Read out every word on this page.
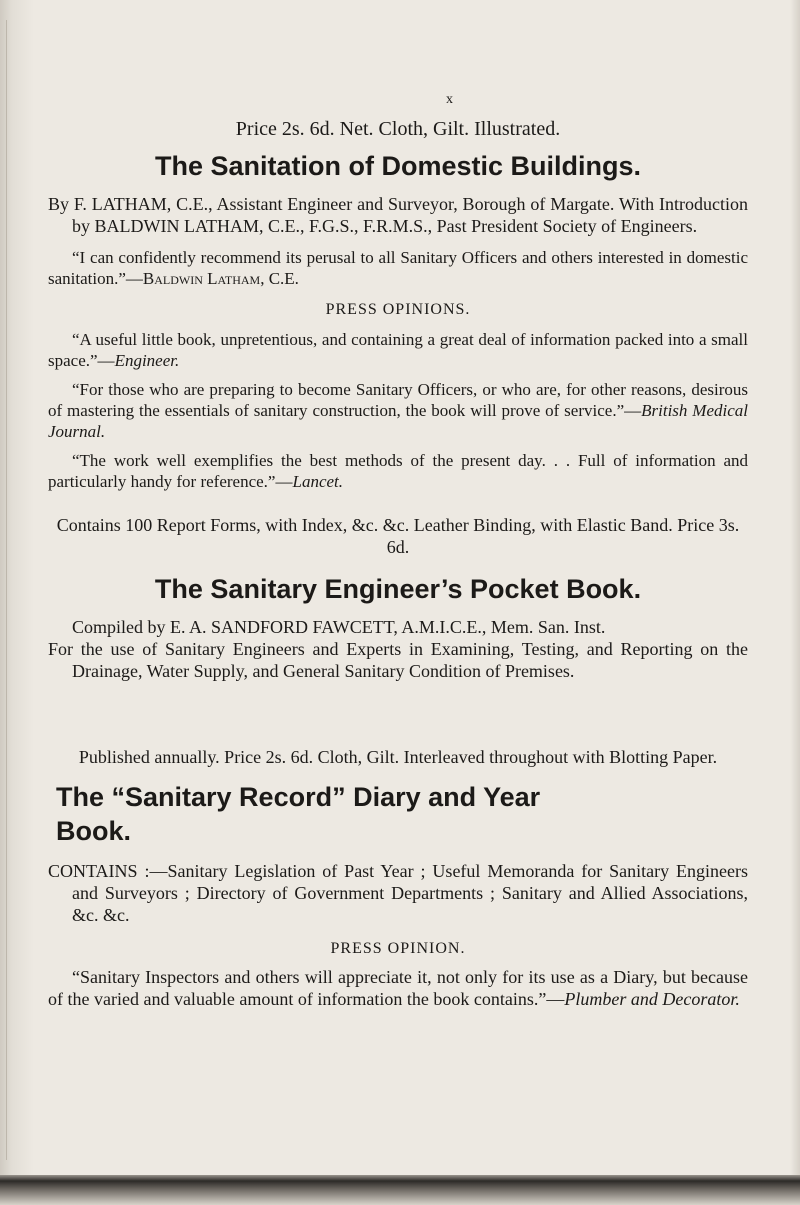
x

Price 2s. 6d. Net. Cloth, Gilt. Illustrated.

The Sanitation of Domestic Buildings.

By F. LATHAM, C.E., Assistant Engineer and Surveyor, Borough of Margate. With Introduction by BALDWIN LATHAM, C.E., F.G.S., F.R.M.S., Past President Society of Engineers.

“I can confidently recommend its perusal to all Sanitary Officers and others interested in domestic sanitation.”—Baldwin Latham, C.E.

PRESS OPINIONS.

“A useful little book, unpretentious, and containing a great deal of information packed into a small space.”—Engineer.

“For those who are preparing to become Sanitary Officers, or who are, for other reasons, desirous of mastering the essentials of sanitary construction, the book will prove of service.”—British Medical Journal.

“The work well exemplifies the best methods of the present day. . . Full of information and particularly handy for reference.”—Lancet.

Contains 100 Report Forms, with Index, &c. &c. Leather Binding, with Elastic Band. Price 3s. 6d.

The Sanitary Engineer’s Pocket Book.

Compiled by E. A. SANDFORD FAWCETT, A.M.I.C.E., Mem. San. Inst.

For the use of Sanitary Engineers and Experts in Examining, Testing, and Reporting on the Drainage, Water Supply, and General Sanitary Condition of Premises.

Published annually. Price 2s. 6d. Cloth, Gilt. Interleaved throughout with Blotting Paper.

The “Sanitary Record” Diary and Year
Book.

CONTAINS :—Sanitary Legislation of Past Year ; Useful Memoranda for Sanitary Engineers and Surveyors ; Directory of Government Departments ; Sanitary and Allied Associations, &c. &c.

PRESS OPINION.

“Sanitary Inspectors and others will appreciate it, not only for its use as a Diary, but because of the varied and valuable amount of information the book contains.”—Plumber and Decorator.
